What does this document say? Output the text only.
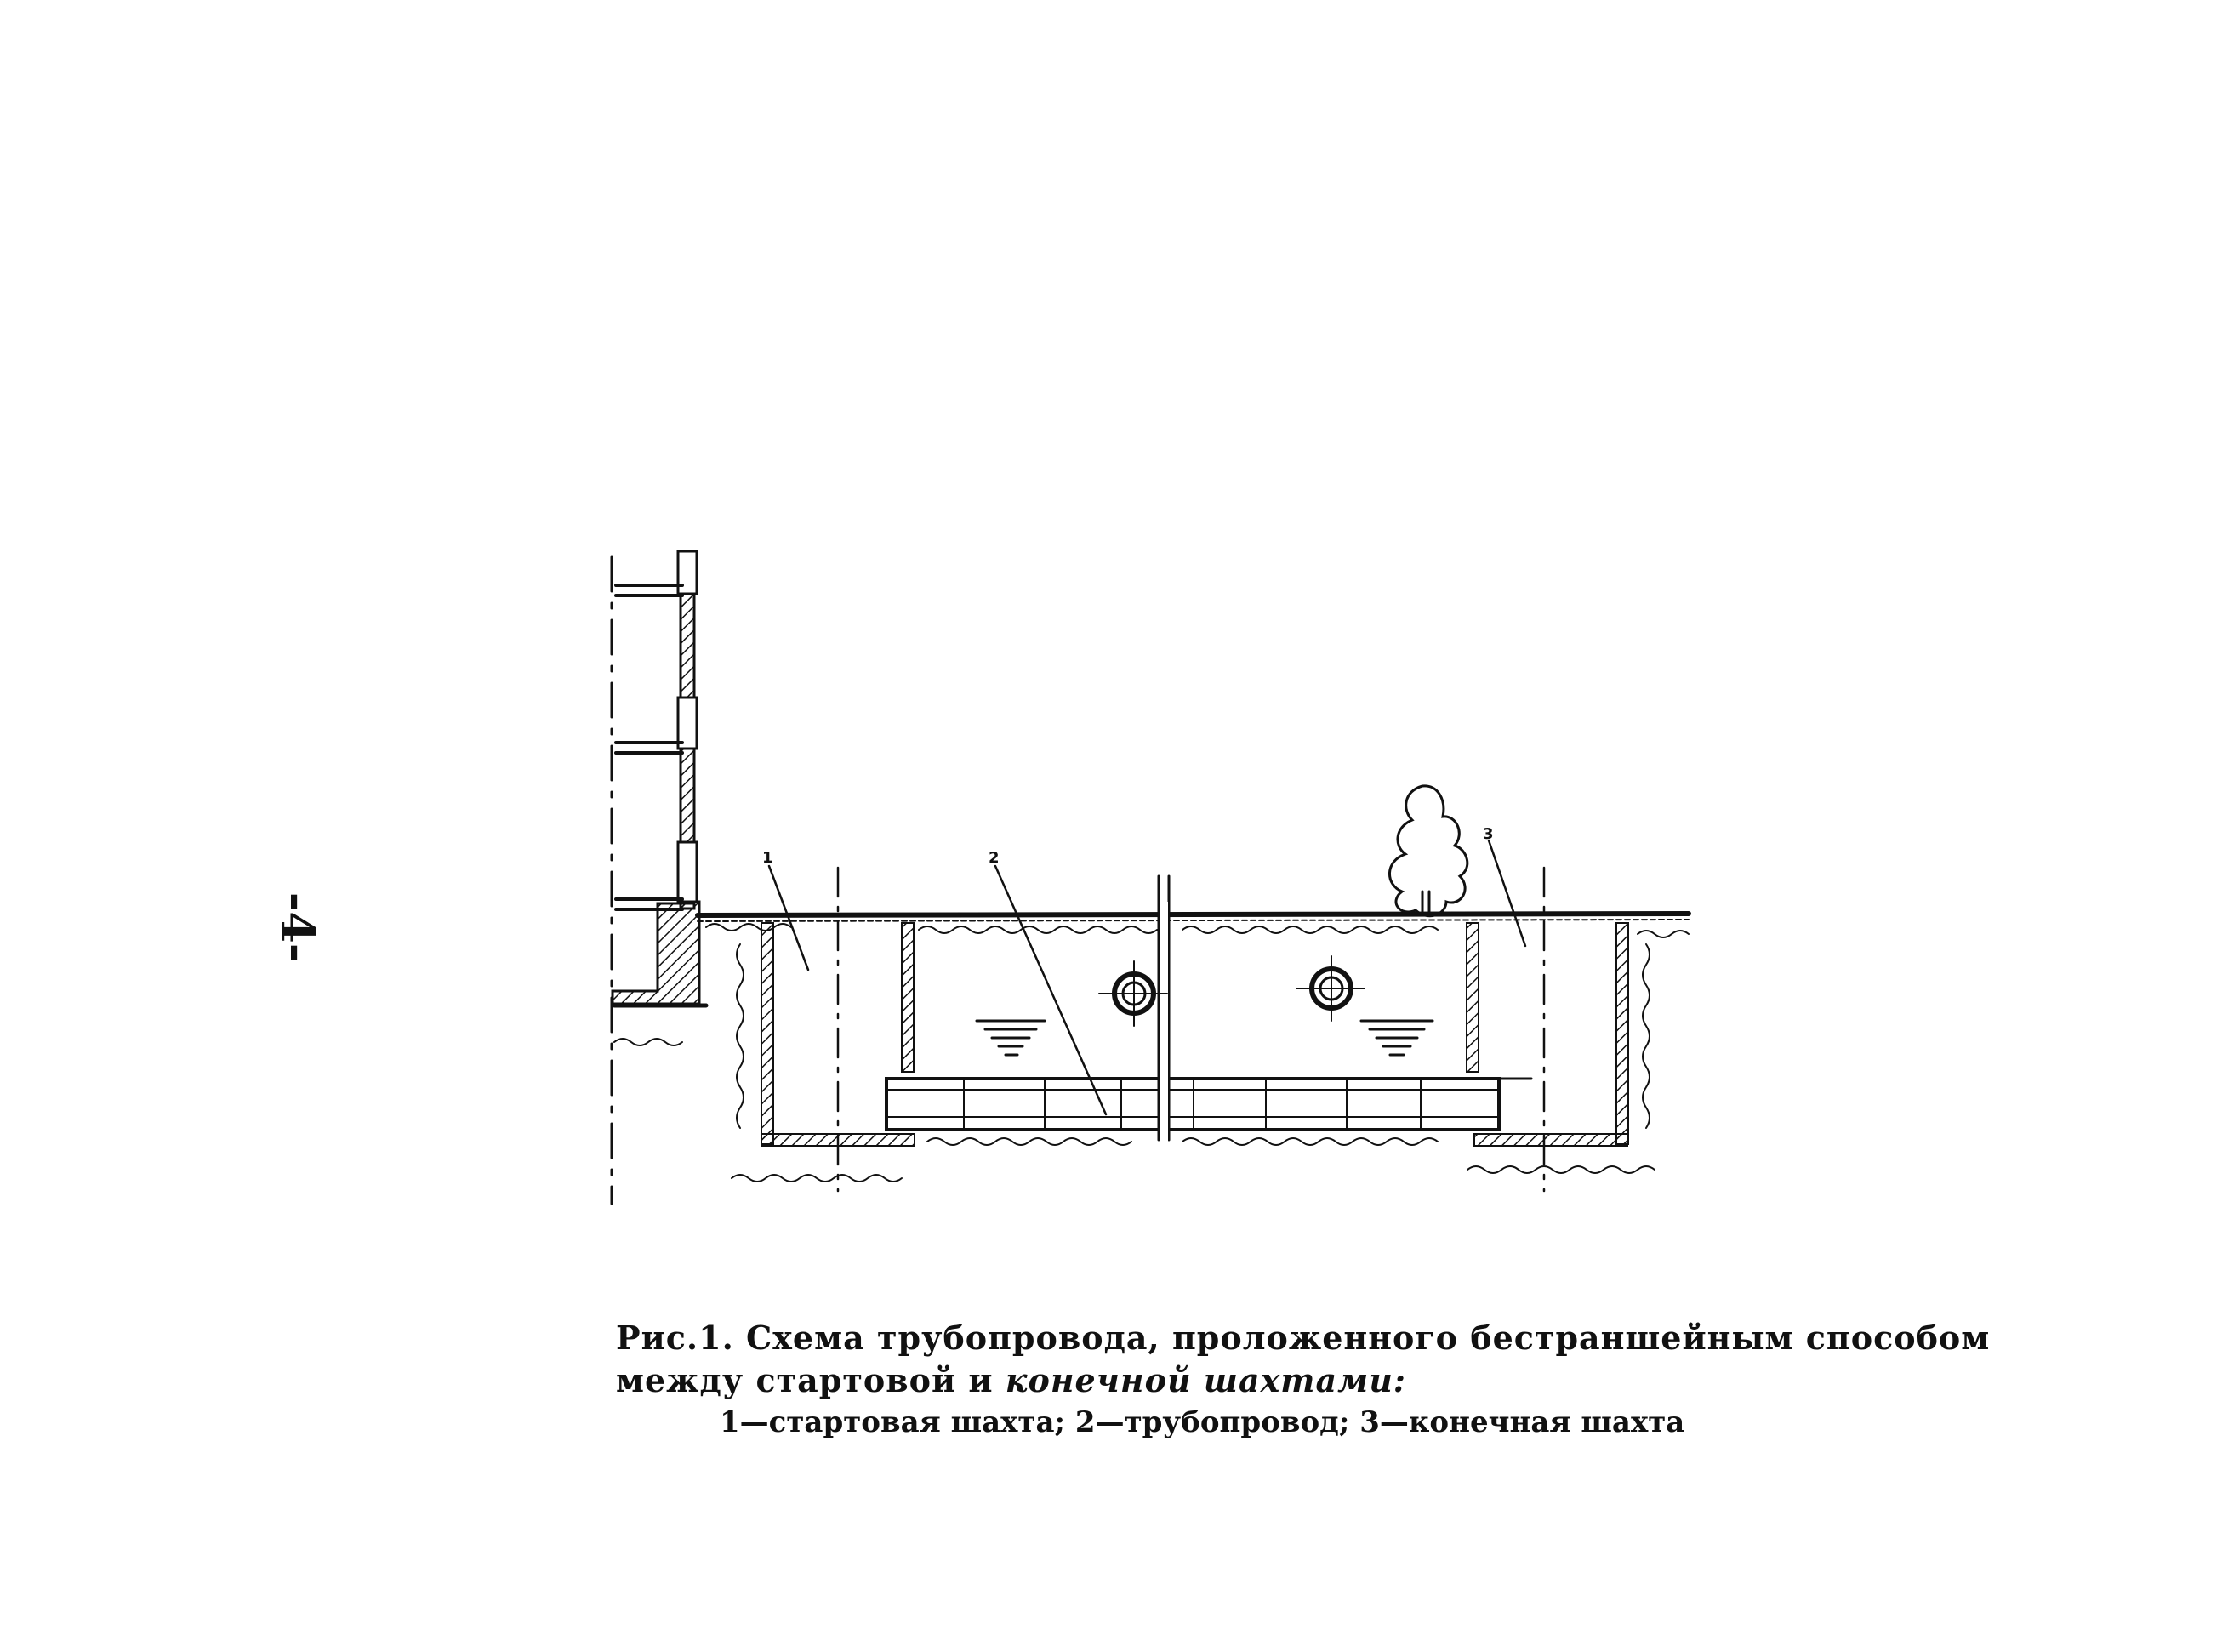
1	2
3
-4-
Рис.1. Схема трубопровода, проложенного бестраншейным способом
между стартовой и конечной шахтами:
1—стартовая шахта; 2—трубопровод; 3—конечная шахта
